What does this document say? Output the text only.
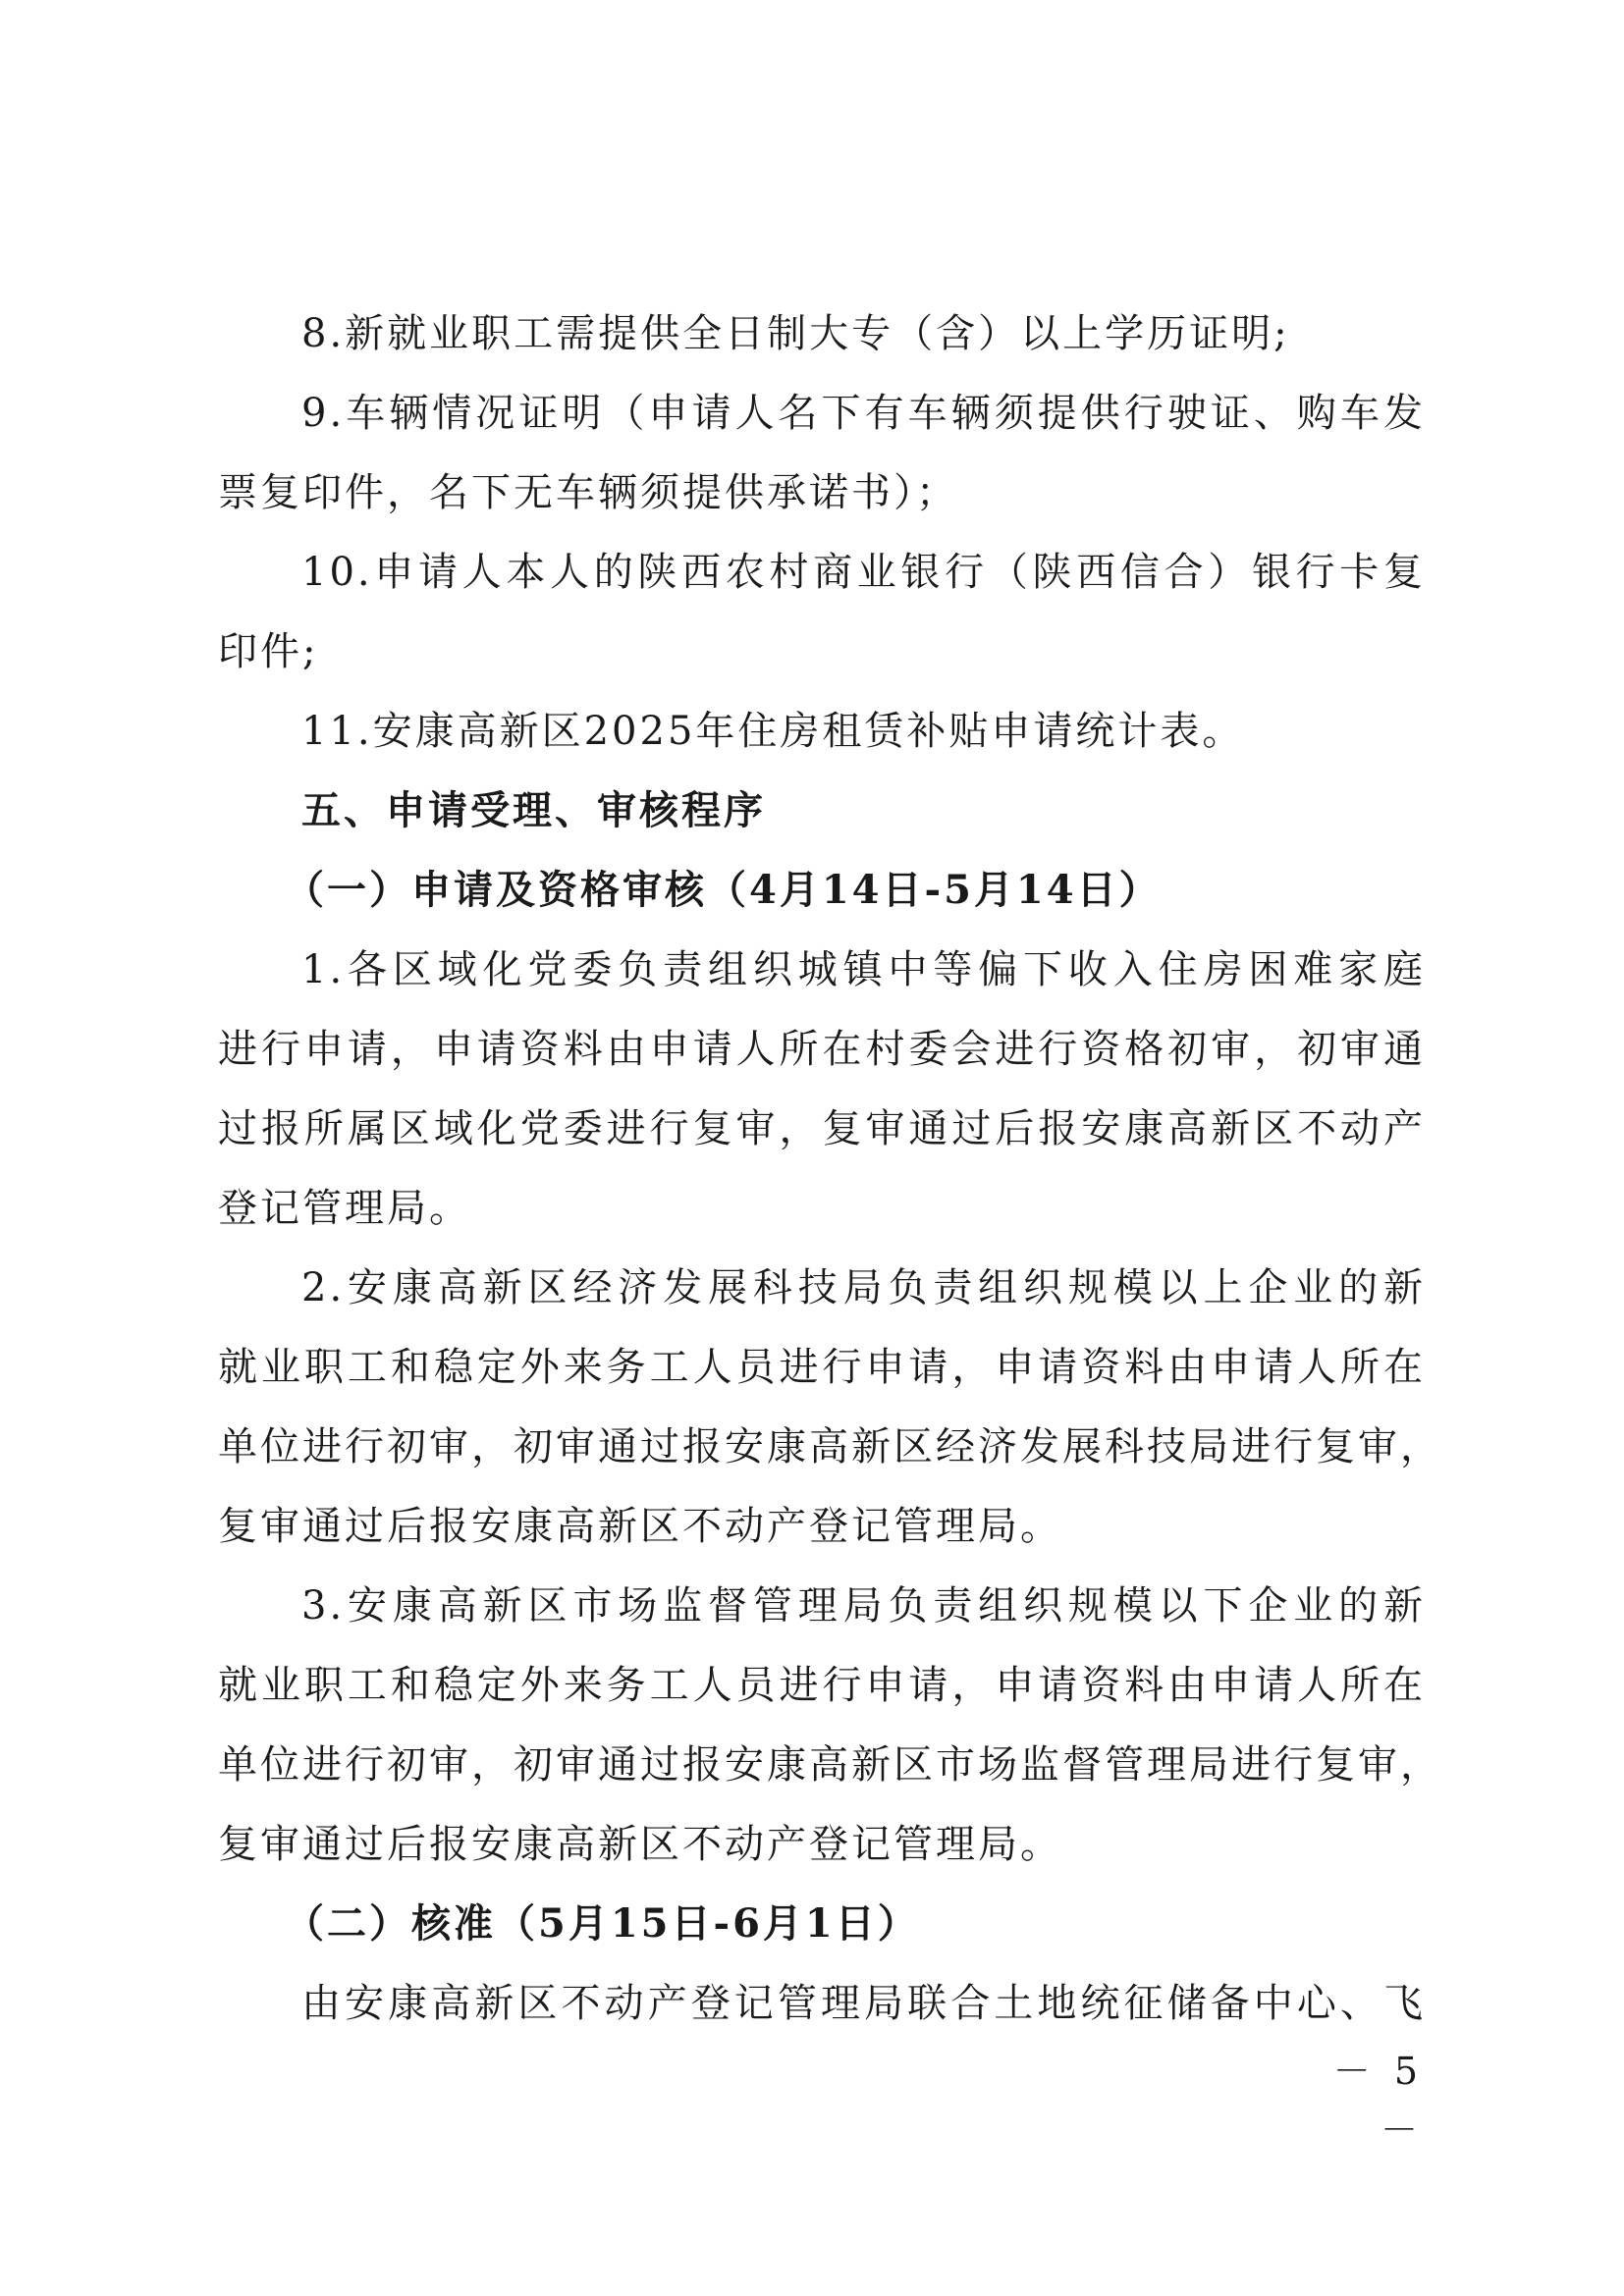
8.新就业职工需提供全日制大专（含）以上学历证明;
9.车辆情况证明（申请人名下有车辆须提供行驶证、购车发
票复印件，名下无车辆须提供承诺书）；
10.申请人本人的陕西农村商业银行（陕西信合）银行卡复
印件;
11.安康高新区2025年住房租赁补贴申请统计表。
五、申请受理、审核程序
（一）申请及资格审核（4月14日-5月14日）
1.各区域化党委负责组织城镇中等偏下收入住房困难家庭
进行申请，申请资料由申请人所在村委会进行资格初审，初审通
过报所属区域化党委进行复审，复审通过后报安康高新区不动产
登记管理局。
2.安康高新区经济发展科技局负责组织规模以上企业的新
就业职工和稳定外来务工人员进行申请，申请资料由申请人所在
单位进行初审，初审通过报安康高新区经济发展科技局进行复审，
复审通过后报安康高新区不动产登记管理局。
3.安康高新区市场监督管理局负责组织规模以下企业的新
就业职工和稳定外来务工人员进行申请，申请资料由申请人所在
单位进行初审，初审通过报安康高新区市场监督管理局进行复审，
复审通过后报安康高新区不动产登记管理局。
（二）核准（5月15日-6月1日）
由安康高新区不动产登记管理局联合土地统征储备中心、飞
－ 5 －
